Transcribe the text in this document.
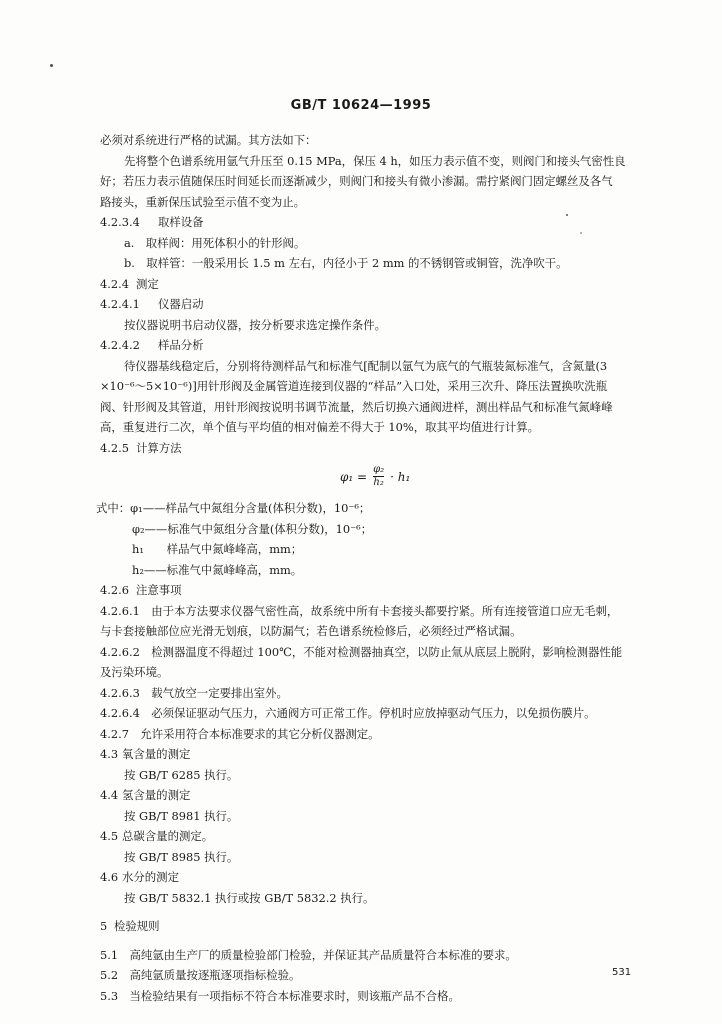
GB/T 10624—1995
必须对系统进行严格的试漏。其方法如下：
先将整个色谱系统用氩气升压至 0.15 MPa，保压 4 h，如压力表示值不变，则阀门和接头气密性良
好；若压力表示值随保压时间延长而逐渐减少，则阀门和接头有微小渗漏。需拧紧阀门固定螺丝及各气
路接头，重新保压试验至示值不变为止。
4.2.3.4 取样设备
a.　取样阀：用死体积小的针形阀。
b.　取样管：一般采用长 1.5 m 左右，内径小于 2 mm 的不锈钢管或铜管，洗净吹干。
4.2.4 测定
4.2.4.1 仪器启动
按仪器说明书启动仪器，按分析要求选定操作条件。
4.2.4.2 样品分析
待仪器基线稳定后，分别将待测样品气和标准气[配制以氩气为底气的气瓶装氮标准气，含氮量(3
×10⁻⁶～5×10⁻⁶)]用针形阀及金属管道连接到仪器的“样品”入口处，采用三次升、降压法置换吹洗瓶
阀、针形阀及其管道，用针形阀按说明书调节流量，然后切换六通阀进样，测出样品气和标准气氮峰峰
高，重复进行二次，单个值与平均值的相对偏差不得大于 10%，取其平均值进行计算。
4.2.5 计算方法
$\varphi_1 = \frac{\text{φ₂}}{\text{h₂}} \cdot h_1$
式中：φ₁——样品气中氮组分含量(体积分数)，10⁻⁶；
φ₂——标准气中氮组分含量(体积分数)，10⁻⁶；
h₁　　样品气中氮峰峰高，mm；
h₂——标准气中氮峰峰高，mm。
4.2.6 注意事项
4.2.6.1　由于本方法要求仪器气密性高，故系统中所有卡套接头都要拧紧。所有连接管道口应无毛刺，
与卡套接触部位应光滑无划痕，以防漏气；若色谱系统检修后，必须经过严格试漏。
4.2.6.2　检测器温度不得超过 100℃，不能对检测器抽真空，以防止氚从底层上脱附，影响检测器性能
及污染环境。
4.2.6.3　载气放空一定要排出室外。
4.2.6.4　必须保证驱动气压力，六通阀方可正常工作。停机时应放掉驱动气压力，以免损伤膜片。
4.2.7　允许采用符合本标准要求的其它分析仪器测定。
4.3 氧含量的测定
按 GB/T 6285 执行。
4.4 氢含量的测定
按 GB/T 8981 执行。
4.5 总碳含量的测定。
按 GB/T 8985 执行。
4.6 水分的测定
按 GB/T 5832.1 执行或按 GB/T 5832.2 执行。
5 检验规则
5.1　高纯氩由生产厂的质量检验部门检验，并保证其产品质量符合本标准的要求。
5.2　高纯氩质量按逐瓶逐项指标检验。
5.3　当检验结果有一项指标不符合本标准要求时，则该瓶产品不合格。
531
